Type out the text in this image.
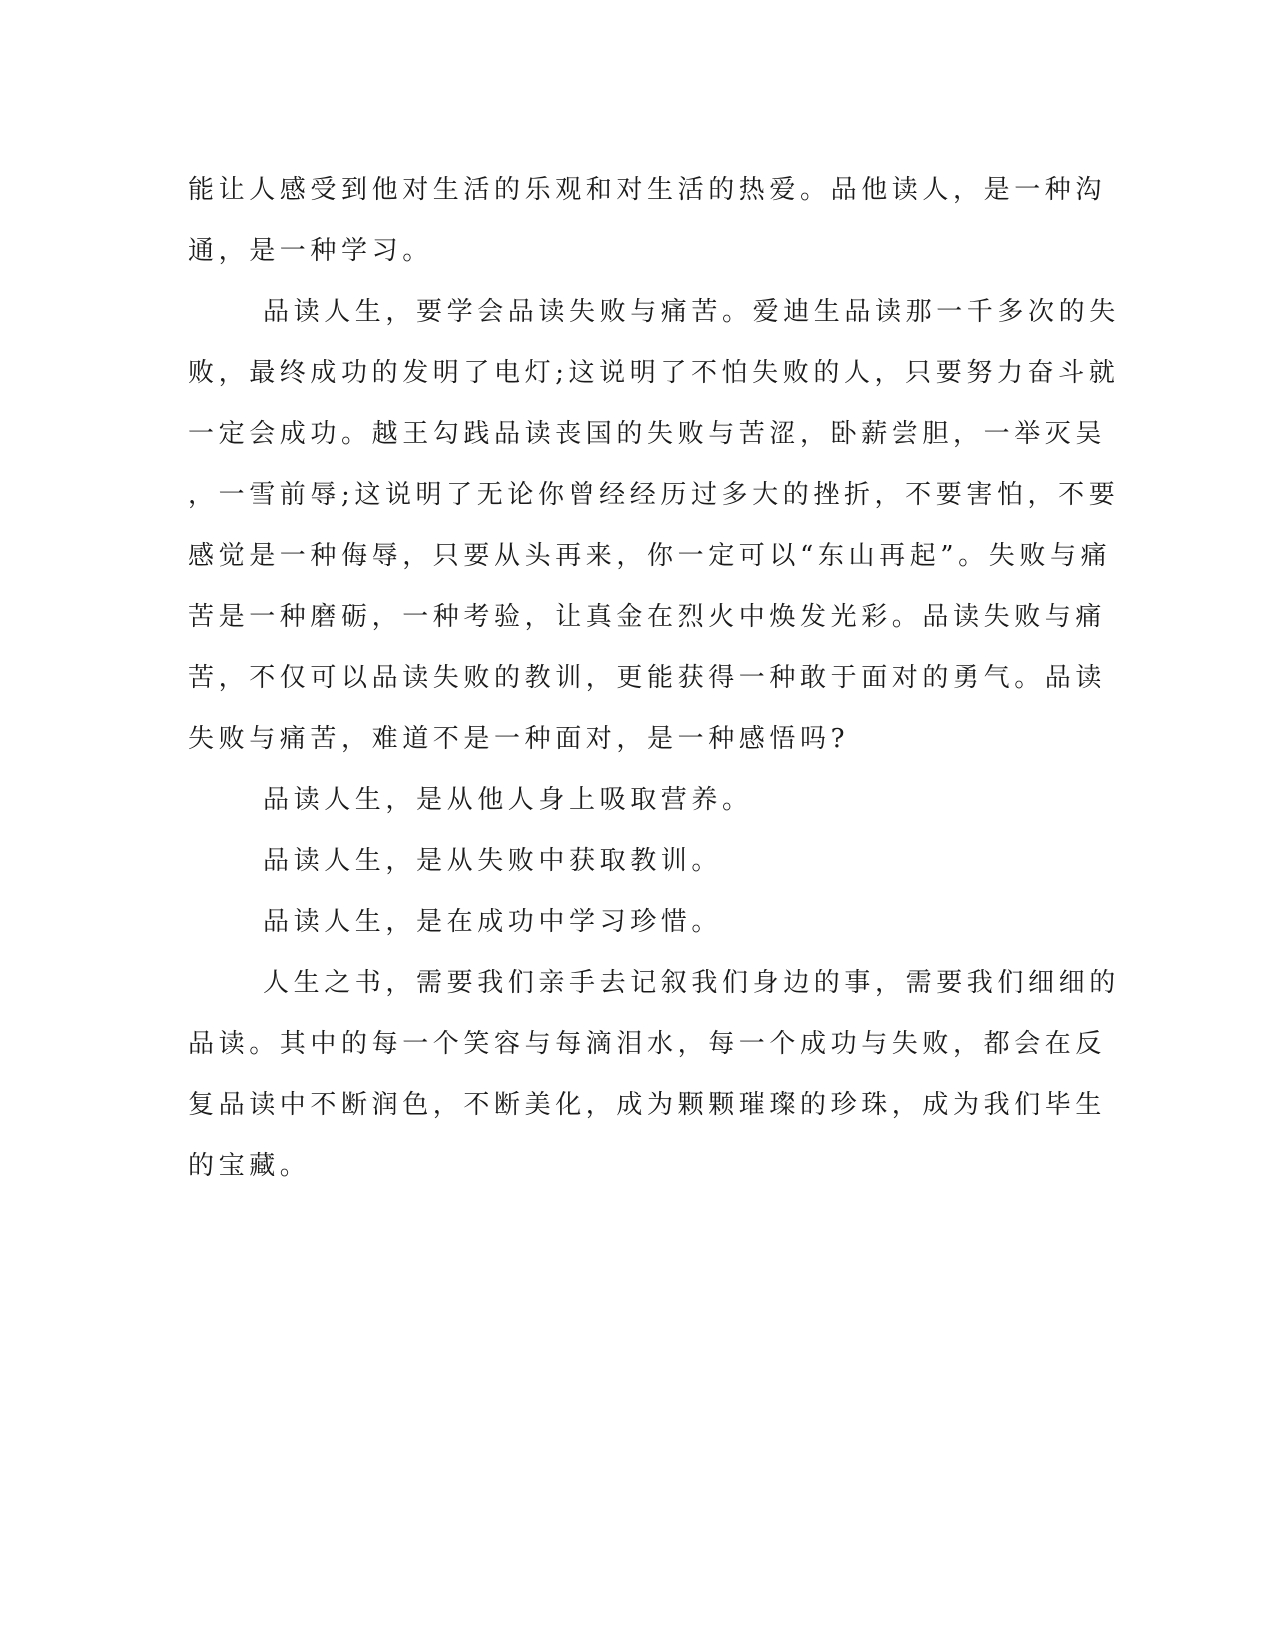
能让人感受到他对生活的乐观和对生活的热爱。品他读人，是一种沟
通，是一种学习。
品读人生，要学会品读失败与痛苦。爱迪生品读那一千多次的失
败，最终成功的发明了电灯;这说明了不怕失败的人，只要努力奋斗就
一定会成功。越王勾践品读丧国的失败与苦涩，卧薪尝胆，一举灭吴
，一雪前辱;这说明了无论你曾经经历过多大的挫折，不要害怕，不要
感觉是一种侮辱，只要从头再来，你一定可以“东山再起”。失败与痛
苦是一种磨砺，一种考验，让真金在烈火中焕发光彩。品读失败与痛
苦，不仅可以品读失败的教训，更能获得一种敢于面对的勇气。品读
失败与痛苦，难道不是一种面对，是一种感悟吗?
品读人生，是从他人身上吸取营养。
品读人生，是从失败中获取教训。
品读人生，是在成功中学习珍惜。
人生之书，需要我们亲手去记叙我们身边的事，需要我们细细的
品读。其中的每一个笑容与每滴泪水，每一个成功与失败，都会在反
复品读中不断润色，不断美化，成为颗颗璀璨的珍珠，成为我们毕生
的宝藏。
